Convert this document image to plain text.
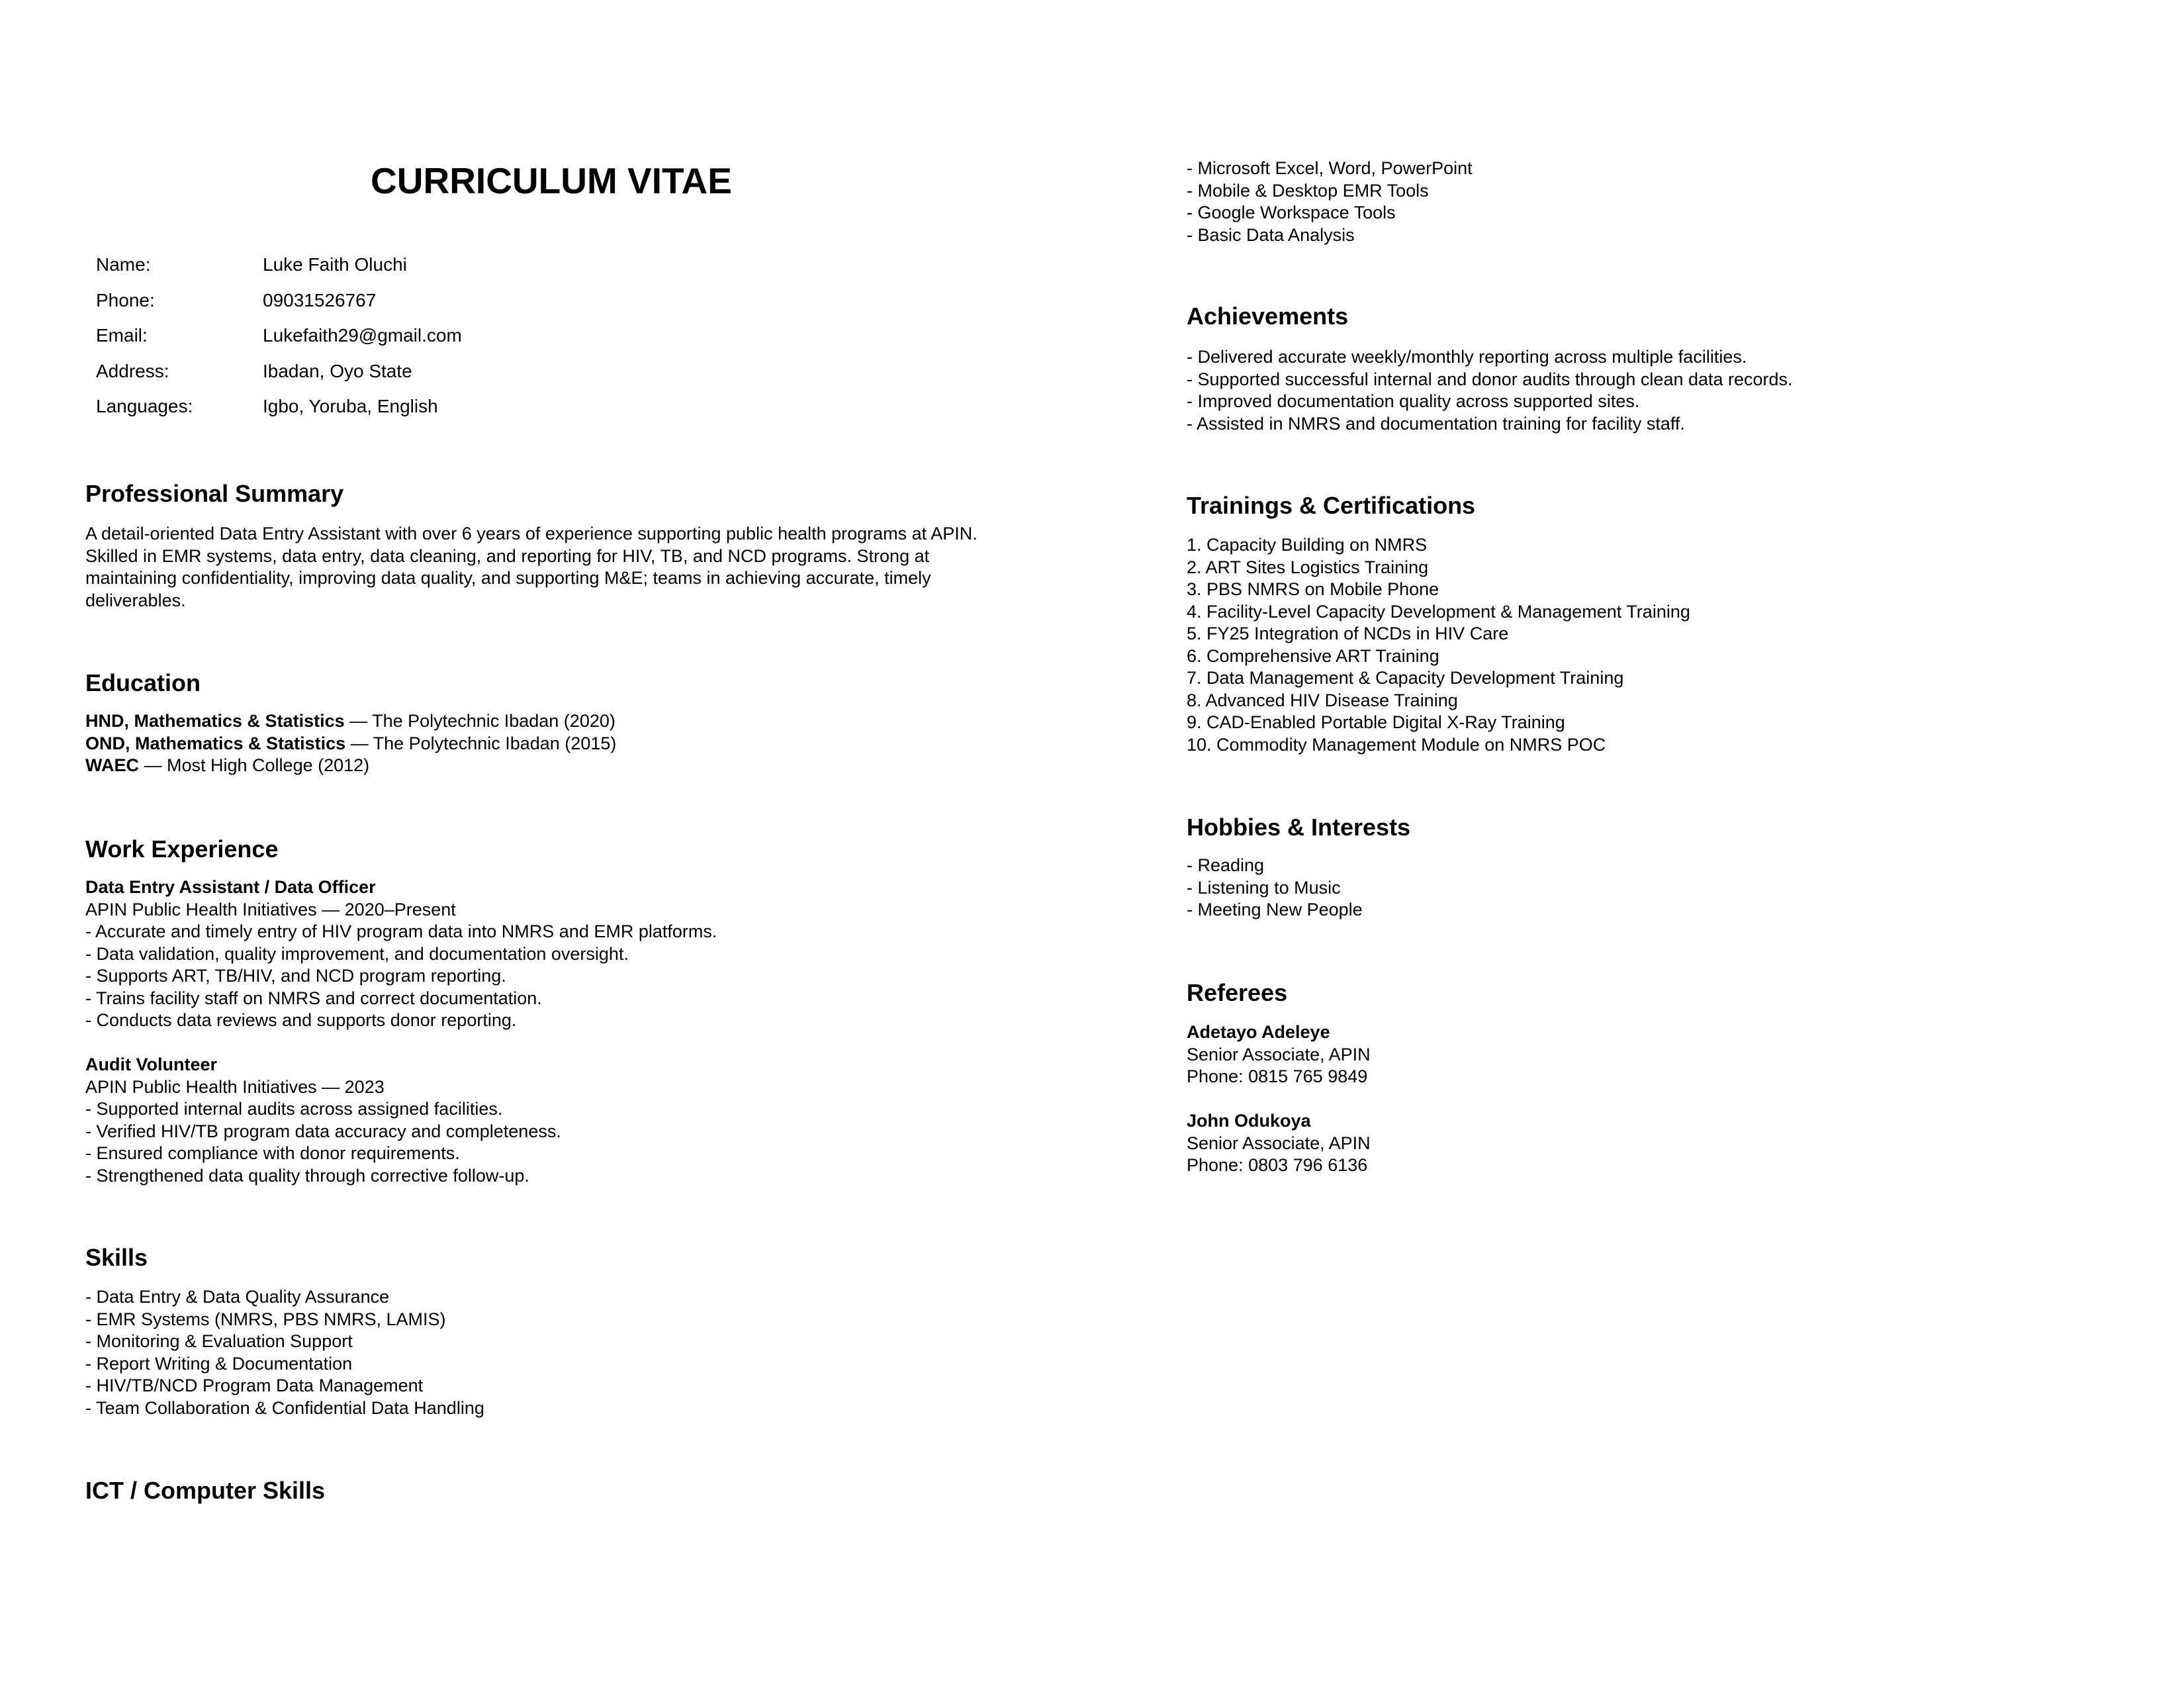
CURRICULUM VITAE
Name:	Luke Faith Oluchi
Phone:	09031526767
Email:	Lukefaith29@gmail.com
Address:	Ibadan, Oyo State
Languages:	Igbo, Yoruba, English
Professional Summary
A detail-oriented Data Entry Assistant with over 6 years of experience supporting public health programs at APIN.
Skilled in EMR systems, data entry, data cleaning, and reporting for HIV, TB, and NCD programs. Strong at
maintaining confidentiality, improving data quality, and supporting M&E; teams in achieving accurate, timely
deliverables.
Education
HND, Mathematics & Statistics — The Polytechnic Ibadan (2020)
OND, Mathematics & Statistics — The Polytechnic Ibadan (2015)
WAEC — Most High College (2012)
Work Experience
Data Entry Assistant / Data Officer
APIN Public Health Initiatives — 2020–Present
- Accurate and timely entry of HIV program data into NMRS and EMR platforms.
- Data validation, quality improvement, and documentation oversight.
- Supports ART, TB/HIV, and NCD program reporting.
- Trains facility staff on NMRS and correct documentation.
- Conducts data reviews and supports donor reporting.
Audit Volunteer
APIN Public Health Initiatives — 2023
- Supported internal audits across assigned facilities.
- Verified HIV/TB program data accuracy and completeness.
- Ensured compliance with donor requirements.
- Strengthened data quality through corrective follow-up.
Skills
- Data Entry & Data Quality Assurance
- EMR Systems (NMRS, PBS NMRS, LAMIS)
- Monitoring & Evaluation Support
- Report Writing & Documentation
- HIV/TB/NCD Program Data Management
- Team Collaboration & Confidential Data Handling
ICT / Computer Skills
- Microsoft Excel, Word, PowerPoint
- Mobile & Desktop EMR Tools
- Google Workspace Tools
- Basic Data Analysis
Achievements
- Delivered accurate weekly/monthly reporting across multiple facilities.
- Supported successful internal and donor audits through clean data records.
- Improved documentation quality across supported sites.
- Assisted in NMRS and documentation training for facility staff.
Trainings & Certifications
1. Capacity Building on NMRS
2. ART Sites Logistics Training
3. PBS NMRS on Mobile Phone
4. Facility-Level Capacity Development & Management Training
5. FY25 Integration of NCDs in HIV Care
6. Comprehensive ART Training
7. Data Management & Capacity Development Training
8. Advanced HIV Disease Training
9. CAD-Enabled Portable Digital X-Ray Training
10. Commodity Management Module on NMRS POC
Hobbies & Interests
- Reading
- Listening to Music
- Meeting New People
Referees
Adetayo Adeleye
Senior Associate, APIN
Phone: 0815 765 9849
John Odukoya
Senior Associate, APIN
Phone: 0803 796 6136
